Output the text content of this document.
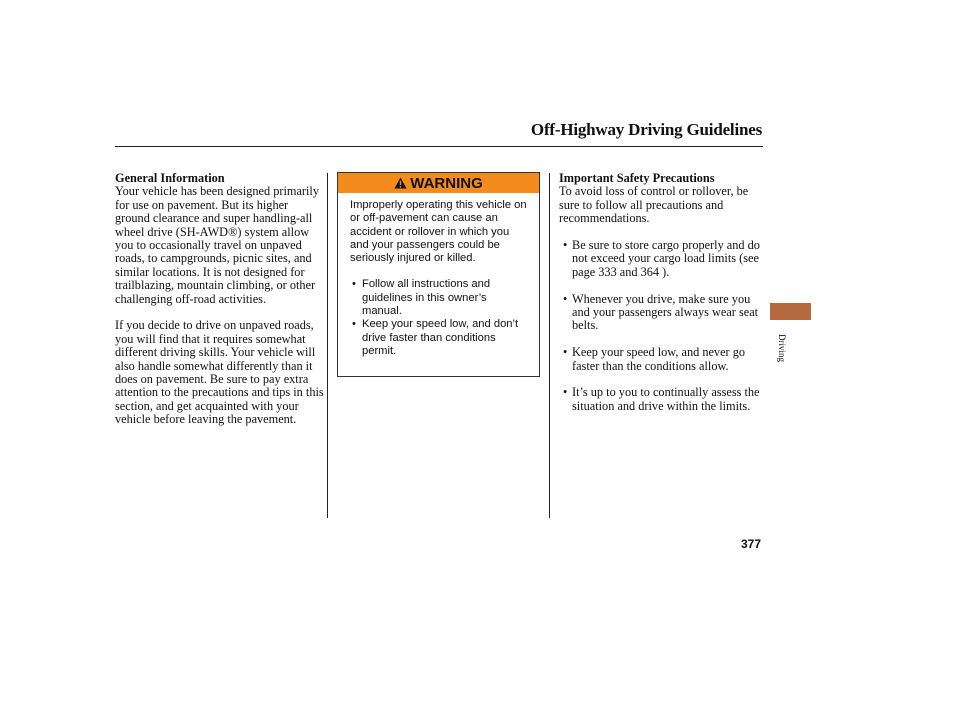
Off-Highway Driving Guidelines

General Information

Your vehicle has been designed primarily for use on pavement. But its higher ground clearance and super handling-all wheel drive (SH-AWD®) system allow you to occasionally travel on unpaved roads, to campgrounds, picnic sites, and similar locations. It is not designed for trailblazing, mountain climbing, or other challenging off-road activities.

If you decide to drive on unpaved roads, you will find that it requires somewhat different driving skills. Your vehicle will also handle somewhat differently than it does on pavement. Be sure to pay extra attention to the precautions and tips in this section, and get acquainted with your vehicle before leaving the pavement.

WARNING

Improperly operating this vehicle on or off-pavement can cause an accident or rollover in which you and your passengers could be seriously injured or killed.

• Follow all instructions and guidelines in this owner’s manual.
• Keep your speed low, and don’t drive faster than conditions permit.

Important Safety Precautions

To avoid loss of control or rollover, be sure to follow all precautions and recommendations.

• Be sure to store cargo properly and do not exceed your cargo load limits (see page 333 and 364 ).
• Whenever you drive, make sure you and your passengers always wear seat belts.
• Keep your speed low, and never go faster than the conditions allow.
• It’s up to you to continually assess the situation and drive within the limits.
Driving
377
